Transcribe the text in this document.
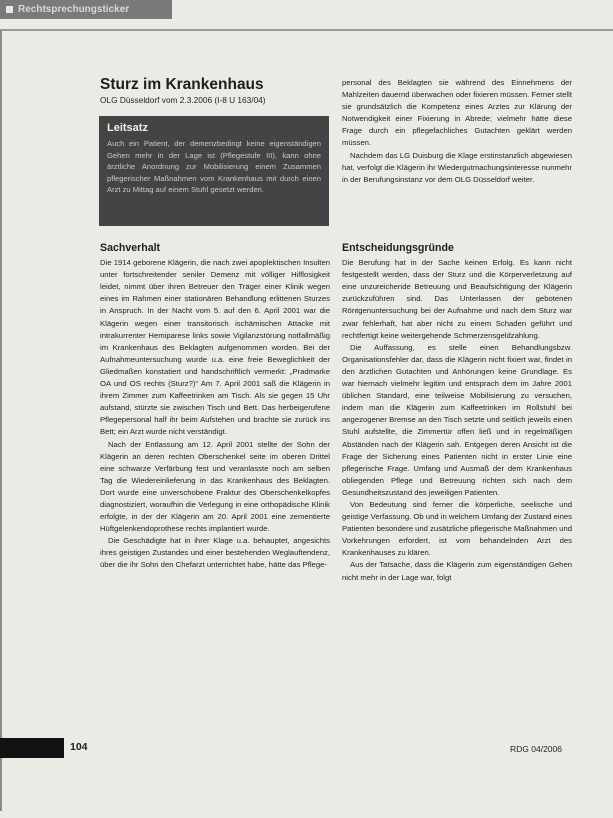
Rechtsprechungsticker
Sturz im Krankenhaus

OLG Düsseldorf vom 2.3.2006 (I-8 U 163/04)

Leitsatz

Auch ein Patient, der demenzbedingt keine eigenständigen Gehen mehr in der Lage ist (Pflegestufe III), kann ohne ärztliche Anordnung zur Mobilisierung einem Zusammen pflegerischer Maßnahmen vom Krankenhaus mit durch einen Arzt zu Mittag auf einem Stuhl gesetzt werden.

Sachverhalt

Die 1914 geborene Klägerin, die nach zwei apoplektischen Insulten unter fortschreitender seniler Demenz mit völliger Hilflosigkeit leidet, nimmt über ihren Betreuer den Träger einer Klinik wegen eines im Rahmen einer stationären Behandlung erlittenen Sturzes in Anspruch. In der Nacht vom 5. auf den 6. April 2001 war die Klägerin wegen einer transitorisch ischämischen Attacke mit intrakurrenter Hemiparese links sowie Vigilanzstörung notfallmäßig im Krankenhaus des Beklagten aufgenommen worden. Bei der Aufnahmeuntersuchung wurde u.a. eine freie Beweglichkeit der Gliedmaßen konstatiert und handschriftlich vermerkt: „Pradmarke OA und OS rechts (Sturz?)“ Am 7. April 2001 saß die Klägerin in ihrem Zimmer zum Kaffeetrinken am Tisch. Als sie gegen 15 Uhr aufstand, stürzte sie zwischen Tisch und Bett. Das herbeigerufene Pflegepersonal half ihr beim Aufstehen und brachte sie zurück ins Bett; ein Arzt wurde nicht verständigt.

Nach der Entlassung am 12. April 2001 stellte der Sohn der Klägerin an deren rechten Oberschenkel seite im oberen Drittel eine schwarze Verfärbung fest und veranlasste noch am selben Tag die Wiedereinlieferung in das Krankenhaus des Beklagten. Dort wurde eine unverschobene Fraktur des Oberschenkelkopfes diagnostiziert, woraufhin die Verlegung in eine orthopädische Klinik erfolgte, in der der Klägerin am 20. April 2001 eine zementierte Hüftgelenkendoprothese rechts implantiert wurde.

Die Geschädigte hat in ihrer Klage u.a. behauptet, angesichts ihres geistigen Zustandes und einer bestehenden Weglauftendenz, über die ihr Sohn den Chefarzt unterrichtet habe, hätte das Pflege-

personal des Beklagten sie während des Einnehmens der Mahlzeiten dauernd überwachen oder fixieren müssen. Ferner stellt sie grundsätzlich die Kompetenz eines Arztes zur Klärung der Notwendigkeit einer Fixierung in Abrede; vielmehr hätte diese Frage durch ein pflegefachliches Gutachten geklärt werden müssen.

Nachdem das LG Duisburg die Klage erstinstanzlich abgewiesen hat, verfolgt die Klägerin ihr Wiedergutmachungsinteresse nunmehr in der Berufungsinstanz vor dem OLG Düsseldorf weiter.

Entscheidungsgründe

Die Berufung hat in der Sache keinen Erfolg. Es kann nicht festgestellt werden, dass der Sturz und die Körperverletzung auf eine unzureichende Betreuung und Beaufsichtigung der Klägerin zurückzuführen sind. Das Unterlassen der gebotenen Röntgenuntersuchung bei der Aufnahme und nach dem Sturz war zwar fehlerhaft, hat aber nicht zu einem Schaden geführt und rechtfertigt keine weitergehende Schmerzensgeldzahlung.

Die Auffassung, es stelle einen Behandlungsbzw. Organisationsfehler dar, dass die Klägerin nicht fixiert war, findet in den ärztlichen Gutachten und Anhörungen keine Grundlage. Es war hiernach vielmehr legitim und entsprach dem im Jahre 2001 üblichen Standard, eine teilweise Mobilisierung zu versuchen, indem man die Klägerin zum Kaffeetrinken im Rollstuhl bei angezogener Bremse an den Tisch setzte und seitlich jeweils einen Stuhl aufstellte, die Zimmertür offen ließ und in regelmäßigen Abständen nach der Klägerin sah. Entgegen deren Ansicht ist die Frage der Sicherung eines Patienten nicht in erster Linie eine pflegerische Frage. Umfang und Ausmaß der dem Krankenhaus obliegenden Pflege und Betreuung richten sich nach dem Gesundheitszustand des jeweiligen Patienten.

Von Bedeutung sind ferner die körperliche, seelische und geistige Verfassung. Ob und in welchem Umfang der Zustand eines Patienten besondere und zusätzliche pflegerische Maßnahmen und Vorkehrungen erfordert, ist vom behandelnden Arzt des Krankenhauses zu klären.

Aus der Tatsache, dass die Klägerin zum eigenständigen Gehen nicht mehr in der Lage war, folgt

104	RDG 04/2006
